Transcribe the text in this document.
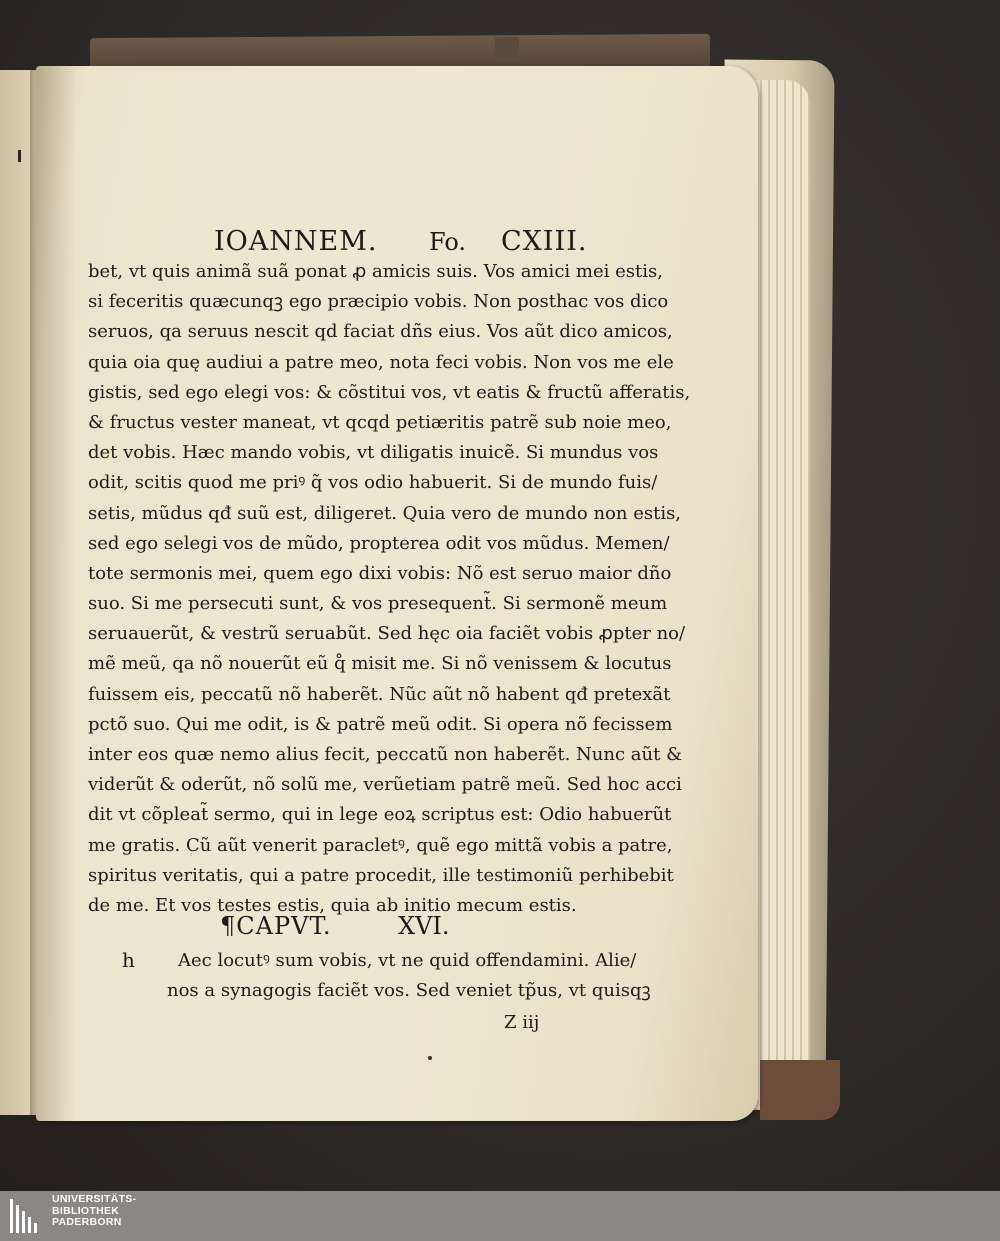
IOANNEM. Fo. CXIII.
bet, vt quis animã suã ponat ꝓ amicis suis. Vos amici mei estis,
si feceritis quæcunqꝫ ego præcipio vobis. Non posthac vos dico
seruos, qa seruus nescit qd faciat dñs eius. Vos aũt dico amicos,
quia oia quę audiui a patre meo, nota feci vobis. Non vos me ele
gistis, sed ego elegi vos: & cõstitui vos, vt eatis & fructũ afferatis,
& fructus vester maneat, vt qcqd petiæritis patrẽ sub noie meo,
det vobis. Hæc mando vobis, vt diligatis inuicẽ. Si mundus vos
odit, scitis quod me priꝰ q̃ vos odio habuerit. Si de mundo fuis/
setis, mũdus qđ suũ est, diligeret. Quia vero de mundo non estis,
sed ego selegi vos de mũdo, propterea odit vos mũdus. Memen/
tote sermonis mei, quem ego dixi vobis: Nõ est seruo maior dño
suo. Si me persecuti sunt, & vos presequent̃. Si sermonẽ meum
seruauerũt, & vestrũ seruabũt. Sed hęc oia faciẽt vobis ꝓpter no/
mẽ meũ, qa nõ nouerũt eũ q̊ misit me. Si nõ venissem & locutus
fuissem eis, peccatũ nõ haberẽt. Nũc aũt nõ habent qđ pretexãt
pctõ suo. Qui me odit, is & patrẽ meũ odit. Si opera nõ fecissem
inter eos quæ nemo alius fecit, peccatũ non haberẽt. Nunc aũt &
viderũt & oderũt, nõ solũ me, verũetiam patrẽ meũ. Sed hoc acci
dit vt cõpleat̃ sermo, qui in lege eoꝝ scriptus est: Odio habuerũt
me gratis. Cũ aũt venerit paracletꝰ, quẽ ego mittã vobis a patre,
spiritus veritatis, qui a patre procedit, ille testimoniũ perhibebit
de me. Et vos testes estis, quia ab initio mecum estis.
¶CAPVT.	XVI.
h Aec locutꝰ sum vobis, vt ne quid offendamini. Alie/
nos a synagogis faciẽt vos. Sed veniet tp̃us, vt quisqꝫ
Z iij
UNIVERSITÄTS-
BIBLIOTHEK
PADERBORN
